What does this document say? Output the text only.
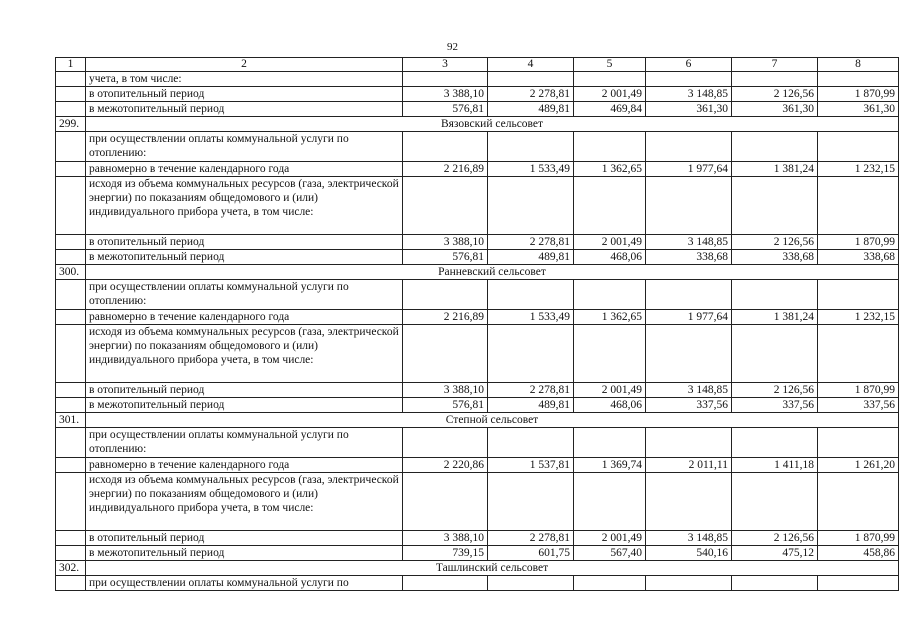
92
1	2	3	4	5	6	7	8
	учета, в том числе:						
	в отопительный период	3 388,10	2 278,81	2 001,49	3 148,85	2 126,56	1 870,99
	в межотопительный период	576,81	489,81	469,84	361,30	361,30	361,30
299.	Вязовский сельсовет						
	при осуществлении оплаты коммунальной услуги по отоплению:						
	равномерно в течение календарного года	2 216,89	1 533,49	1 362,65	1 977,64	1 381,24	1 232,15
	исходя из объема коммунальных ресурсов (газа, электрической энергии) по показаниям общедомового и (или) индивидуального прибора учета, в том числе:						
	в отопительный период	3 388,10	2 278,81	2 001,49	3 148,85	2 126,56	1 870,99
	в межотопительный период	576,81	489,81	468,06	338,68	338,68	338,68
300.	Ранневский сельсовет						
	при осуществлении оплаты коммунальной услуги по отоплению:						
	равномерно в течение календарного года	2 216,89	1 533,49	1 362,65	1 977,64	1 381,24	1 232,15
	исходя из объема коммунальных ресурсов (газа, электрической энергии) по показаниям общедомового и (или) индивидуального прибора учета, в том числе:						
	в отопительный период	3 388,10	2 278,81	2 001,49	3 148,85	2 126,56	1 870,99
	в межотопительный период	576,81	489,81	468,06	337,56	337,56	337,56
301.	Степной сельсовет						
	при осуществлении оплаты коммунальной услуги по отоплению:						
	равномерно в течение календарного года	2 220,86	1 537,81	1 369,74	2 011,11	1 411,18	1 261,20
	исходя из объема коммунальных ресурсов (газа, электрической энергии) по показаниям общедомового и (или) индивидуального прибора учета, в том числе:						
	в отопительный период	3 388,10	2 278,81	2 001,49	3 148,85	2 126,56	1 870,99
	в межотопительный период	739,15	601,75	567,40	540,16	475,12	458,86
302.	Ташлинский сельсовет						
	при осуществлении оплаты коммунальной услуги по						
